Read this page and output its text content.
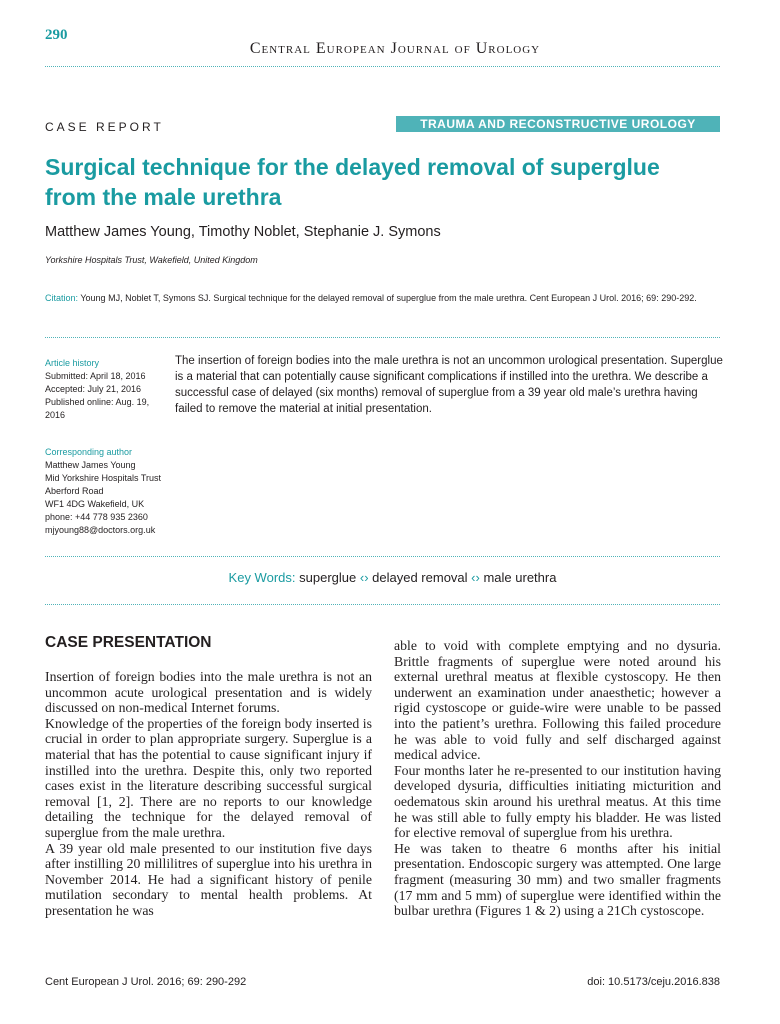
290
Central European Journal of Urology
CASE REPORT	TRAUMA AND RECONSTRUCTIVE UROLOGY
Surgical technique for the delayed removal of superglue
from the male urethra
Matthew James Young, Timothy Noblet, Stephanie J. Symons
Yorkshire Hospitals Trust, Wakefield, United Kingdom
Citation: Young MJ, Noblet T, Symons SJ. Surgical technique for the delayed removal of superglue from the male urethra. Cent European J Urol. 2016; 69: 290-292.
Article history
Submitted: April 18, 2016
Accepted: July 21, 2016
Published online: Aug. 19, 2016
Corresponding author
Matthew James Young
Mid Yorkshire Hospitals Trust
Aberford Road
WF1 4DG Wakefield, UK
phone: +44 778 935 2360
mjyoung88@doctors.org.uk
The insertion of foreign bodies into the male urethra is not an uncommon urological presentation. Superglue is a material that can potentially cause significant complications if instilled into the urethra. We describe a successful case of delayed (six months) removal of superglue from a 39 year old male’s urethra having failed to remove the material at initial presentation.
Key Words: superglue ‹› delayed removal ‹› male urethra
CASE PRESENTATION

Insertion of foreign bodies into the male urethra is not an uncommon acute urological presentation and is widely discussed on non-medical Internet forums.

Knowledge of the properties of the foreign body inserted is crucial in order to plan appropriate surgery. Superglue is a material that has the potential to cause significant injury if instilled into the urethra. Despite this, only two reported cases exist in the literature describing successful surgical removal [1, 2]. There are no reports to our knowledge detailing the technique for the delayed removal of superglue from the male urethra.

A 39 year old male presented to our institution five days after instilling 20 millilitres of superglue into his urethra in November 2014. He had a significant history of penile mutilation secondary to mental health problems. At presentation he was

able to void with complete emptying and no dysuria. Brittle fragments of superglue were noted around his external urethral meatus at flexible cystoscopy. He then underwent an examination under anaesthetic; however a rigid cystoscope or guide-wire were unable to be passed into the patient’s urethra. Following this failed procedure he was able to void fully and self discharged against medical advice.

Four months later he re-presented to our institution having developed dysuria, difficulties initiating micturition and oedematous skin around his urethral meatus. At this time he was still able to fully empty his bladder. He was listed for elective removal of superglue from his urethra.

He was taken to theatre 6 months after his initial presentation. Endoscopic surgery was attempted. One large fragment (measuring 30 mm) and two smaller fragments (17 mm and 5 mm) of superglue were identified within the bulbar urethra (Figures 1 & 2) using a 21Ch cystoscope.

Cent European J Urol. 2016; 69: 290-292	doi: 10.5173/ceju.2016.838
